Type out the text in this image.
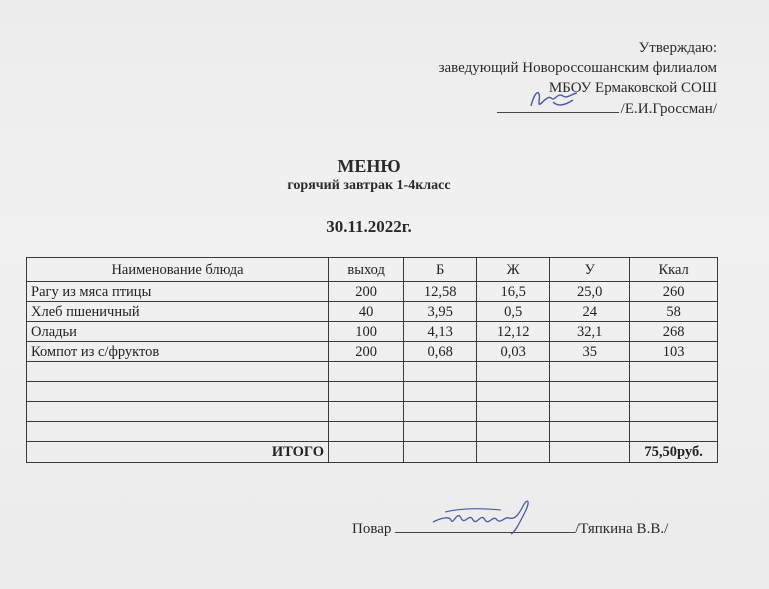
Утверждаю:
заведующий Новороссошанским филиалом
МБОУ Ермаковской СОШ
/Е.И.Гроссман/
МЕНЮ
горячий завтрак 1-4класс
30.11.2022г.
Наименование блюда	выход	Б	Ж	У	Ккал
Рагу из мяса птицы	200	12,58	16,5	25,0	260
Хлеб пшеничный	40	3,95	0,5	24	58
Оладьи	100	4,13	12,12	32,1	268
Компот из с/фруктов	200	0,68	0,03	35	103

ИТОГО					75,50руб.
Повар	/Тяпкина В.В./
